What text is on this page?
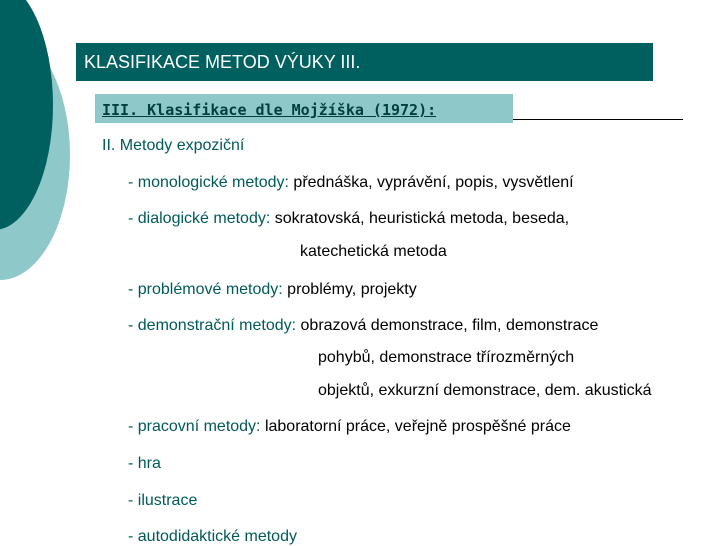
KLASIFIKACE METOD VÝUKY III.
III. Klasifikace dle Mojžíška (1972):
II. Metody expoziční
- monologické metody: přednáška, vyprávění, popis, vysvětlení
- dialogické metody: sokratovská, heuristická metoda, beseda,
katechetická metoda
- problémové metody: problémy, projekty
- demonstrační metody: obrazová demonstrace, film, demonstrace
pohybů, demonstrace třírozměrných
objektů, exkurzní demonstrace, dem. akustická
- pracovní metody: laboratorní práce, veřejně prospěšné práce
- hra
- ilustrace
- autodidaktické metody
